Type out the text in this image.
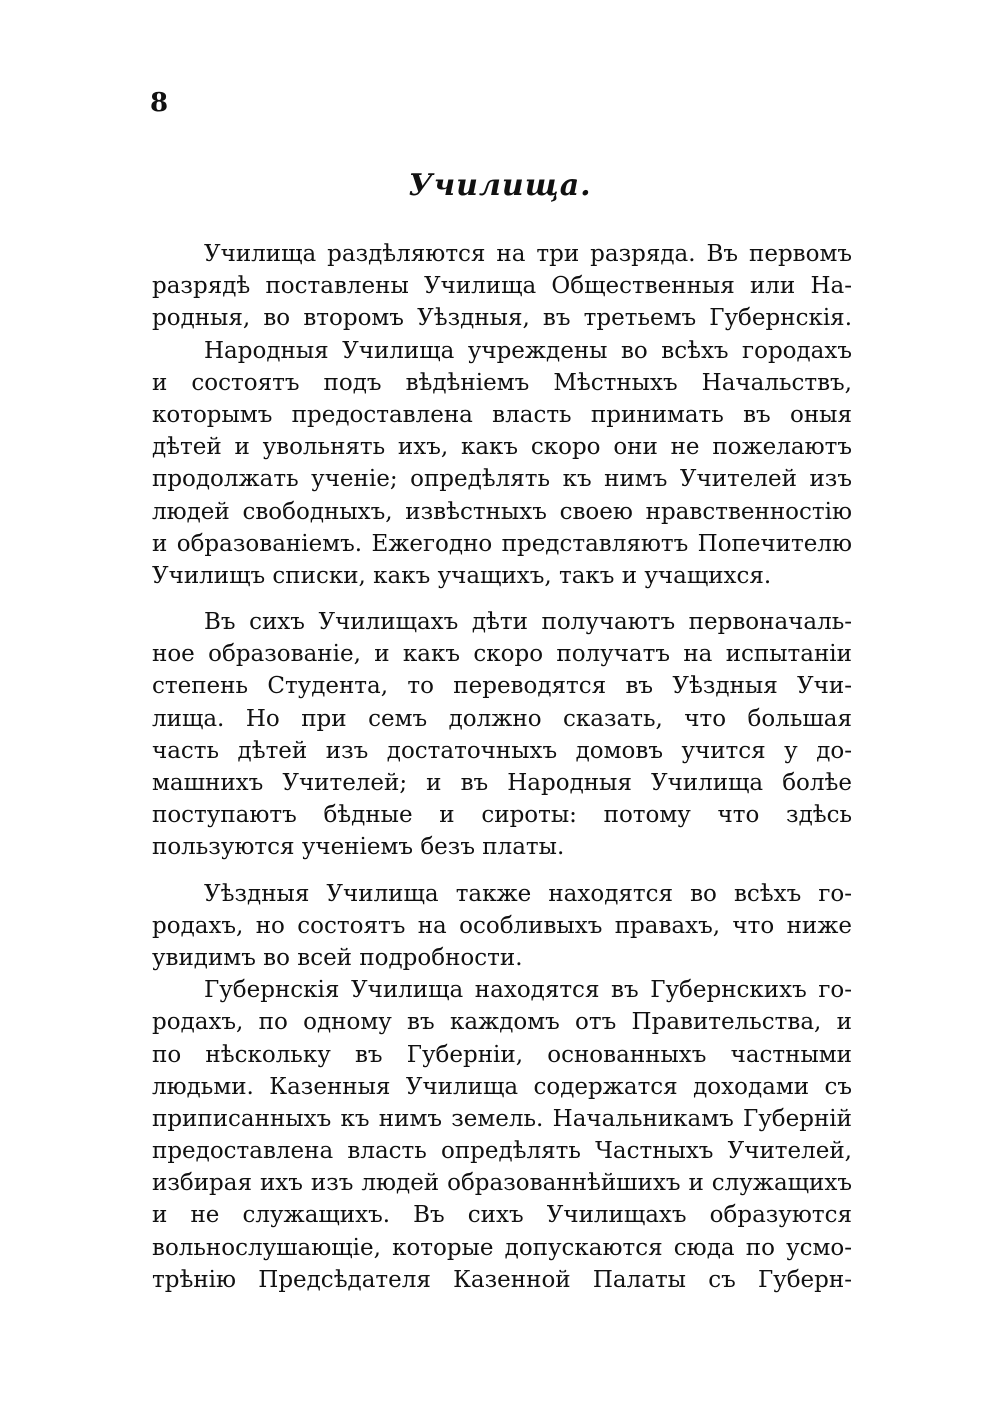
8
Училища.
Училища раздѣляются на три разряда. Въ первомъ
разрядѣ поставлены Училища Общественныя или На-
родныя, во второмъ Уѣздныя, въ третьемъ Губернскія.
Народныя Училища учреждены во всѣхъ городахъ
и состоятъ подъ вѣдѣніемъ Мѣстныхъ Начальствъ,
которымъ предоставлена власть принимать въ оныя
дѣтей и увольнять ихъ, какъ скоро они не пожелаютъ
продолжать ученіе; опредѣлять къ нимъ Учителей изъ
людей свободныхъ, извѣстныхъ своею нравственностію
и образованіемъ. Ежегодно представляютъ Попечителю
Училищъ списки, какъ учащихъ, такъ и учащихся.
Въ сихъ Училищахъ дѣти получаютъ первоначаль-
ное образованіе, и какъ скоро получатъ на испытаніи
степень Студента, то переводятся въ Уѣздныя Учи-
лища. Но при семъ должно сказать, что большая
часть дѣтей изъ достаточныхъ домовъ учится у до-
машнихъ Учителей; и въ Народныя Училища болѣе
поступаютъ бѣдные и сироты: потому что здѣсь
пользуются ученіемъ безъ платы.
Уѣздныя Училища также находятся во всѣхъ го-
родахъ, но состоятъ на особливыхъ правахъ, что ниже
увидимъ во всей подробности.
Губернскія Училища находятся въ Губернскихъ го-
родахъ, по одному въ каждомъ отъ Правительства, и
по нѣскольку въ Губерніи, основанныхъ частными
людьми. Казенныя Училища содержатся доходами съ
приписанныхъ къ нимъ земель. Начальникамъ Губерній
предоставлена власть опредѣлять Частныхъ Учителей,
избирая ихъ изъ людей образованнѣйшихъ и служащихъ
и не служащихъ. Въ сихъ Училищахъ образуются
вольнослушающіе, которые допускаются сюда по усмо-
трѣнію Предсѣдателя Казенной Палаты съ Губерн-
